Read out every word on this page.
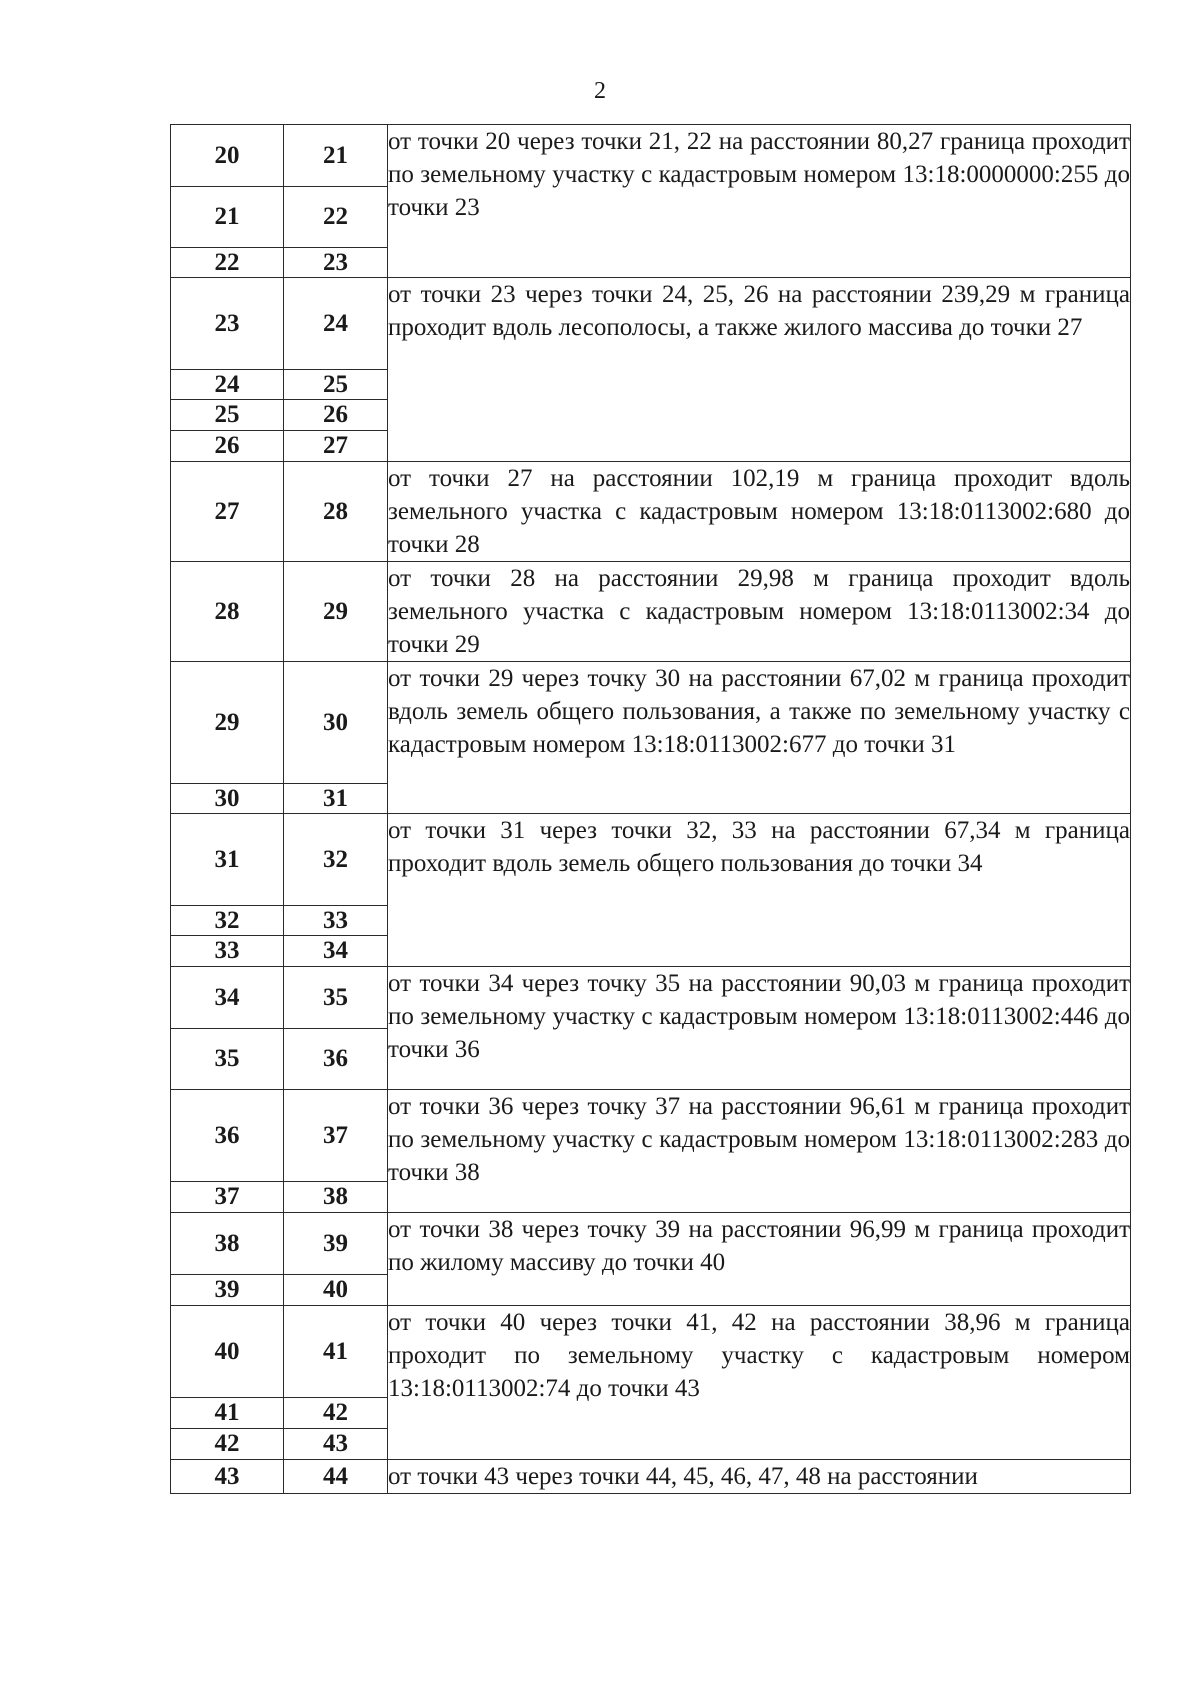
2
20	21	от точки 20 через точки 21, 22 на расстоянии 80,27 граница проходит по земельному участку с кадастровым номером 13:18:0000000:255 до точки 23

21	22	
22	23	
23	24	от точки 23 через точки 24, 25, 26 на расстоянии 239,29 м граница проходит вдоль лесополосы, а также жилого массива до точки 27

24	25	
25	26	
26	27	
27	28	от точки 27 на расстоянии 102,19 м граница проходит вдоль земельного участка с кадастровым номером 13:18:0113002:680 до точки 28

28	29	от точки 28 на расстоянии 29,98 м граница проходит вдоль земельного участка с кадастровым номером 13:18:0113002:34 до точки 29

29	30	от точки 29 через точку 30 на расстоянии 67,02 м граница проходит вдоль земель общего пользования, а также по земельному участку с кадастровым номером 13:18:0113002:677 до точки 31

30	31	
31	32	от точки 31 через точки 32, 33 на расстоянии 67,34 м граница проходит вдоль земель общего пользования до точки 34

32	33	
33	34	
34	35	от точки 34 через точку 35 на расстоянии 90,03 м граница проходит по земельному участку с кадастровым номером 13:18:0113002:446 до точки 36

35	36	
36	37	от точки 36 через точку 37 на расстоянии 96,61 м граница проходит по земельному участку с кадастровым номером 13:18:0113002:283 до точки 38

37	38	
38	39	от точки 38 через точку 39 на расстоянии 96,99 м граница проходит по жилому массиву до точки 40

39	40	
40	41	от точки 40 через точки 41, 42 на расстоянии 38,96 м граница проходит по земельному участку с кадастровым номером 13:18:0113002:74 до точки 43

41	42	
42	43	
43	44	от точки 43 через точки 44, 45, 46, 47, 48 на расстоянии
